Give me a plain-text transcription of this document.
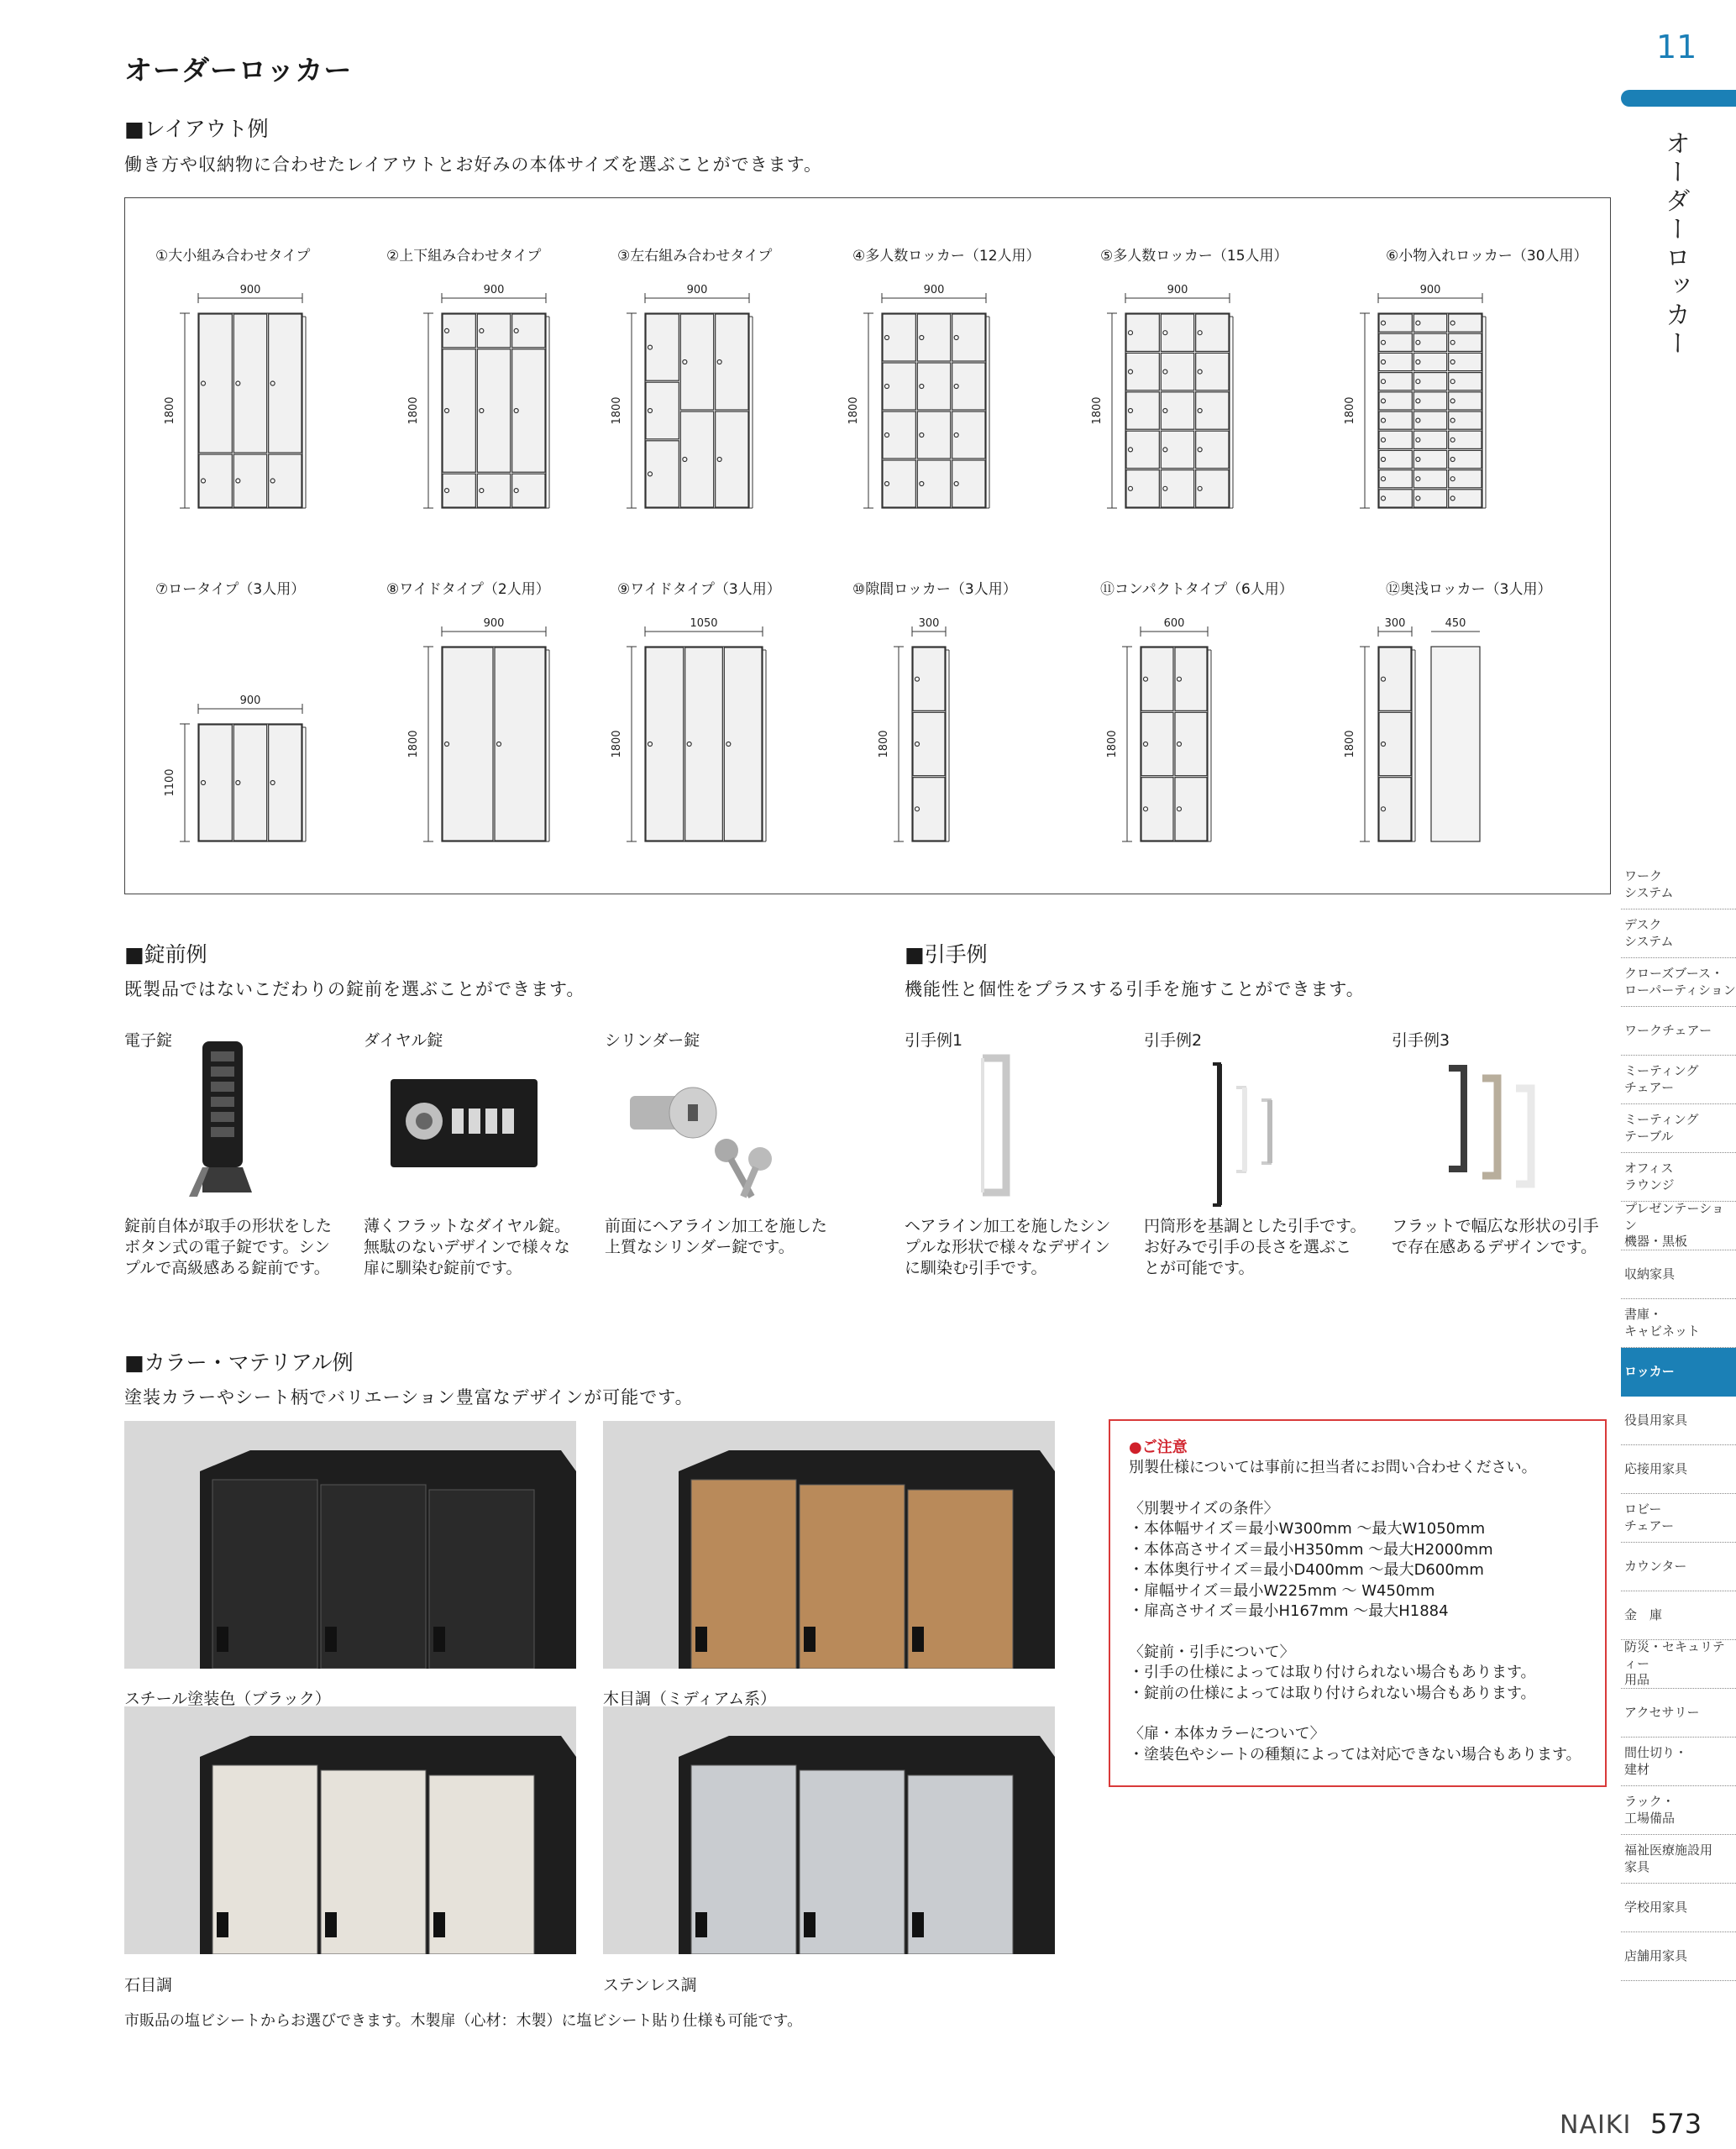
オーダーロッカー
■レイアウト例
働き方や収納物に合わせたレイアウトとお好みの本体サイズを選ぶことができます。
900
1800
900
1800
900
1800
900
1800
900
1800
900
1800
900
1100
900
1800
1050
1800
300
1800
600
1800
300
1800
450
①大小組み合わせタイプ	②上下組み合わせタイプ	③左右組み合わせタイプ	④多人数ロッカー（12人用）	⑤多人数ロッカー（15人用）	⑥小物入れロッカー（30人用）
⑦ロータイプ（3人用）	⑧ワイドタイプ（2人用）	⑨ワイドタイプ（3人用）	⑩隙間ロッカー（3人用）	⑪コンパクトタイプ（6人用）	⑫奥浅ロッカー（3人用）
■錠前例
既製品ではないこだわりの錠前を選ぶことができます。
電子錠
錠前自体が取手の形状をした
ボタン式の電子錠です。シン
プルで高級感ある錠前です。
ダイヤル錠
薄くフラットなダイヤル錠。
無駄のないデザインで様々な
扉に馴染む錠前です。
シリンダー錠
前面にヘアライン加工を施した
上質なシリンダー錠です。
■引手例
機能性と個性をプラスする引手を施すことができます。
引手例1
ヘアライン加工を施したシン
プルな形状で様々なデザイン
に馴染む引手です。
引手例2
円筒形を基調とした引手です。
お好みで引手の長さを選ぶこ
とが可能です。
引手例3
フラットで幅広な形状の引手
で存在感あるデザインです。
■カラー・マテリアル例
塗装カラーやシート柄でバリエーション豊富なデザインが可能です。
スチール塗装色（ブラック）	木目調（ミディアム系）
石目調	ステンレス調
市販品の塩ビシートからお選びできます。木製扉（心材：木製）に塩ビシート貼り仕様も可能です。
●ご注意
別製仕様については事前に担当者にお問い合わせください。
〈別製サイズの条件〉
・本体幅サイズ＝最小W300mm 〜最大W1050mm
・本体高さサイズ＝最小H350mm 〜最大H2000mm
・本体奥行サイズ＝最小D400mm 〜最大D600mm
・扉幅サイズ＝最小W225mm 〜 W450mm
・扉高さサイズ＝最小H167mm 〜最大H1884
〈錠前・引手について〉
・引手の仕様によっては取り付けられない場合もあります。
・錠前の仕様によっては取り付けられない場合もあります。
〈扉・本体カラーについて〉
・塗装色やシートの種類によっては対応できない場合もあります。
11
オーダーロッカー
ワーク
システム
デスク
システム
クローズブース・
ローパーティション
ワークチェアー
ミーティング
チェアー
ミーティング
テーブル
オフィス
ラウンジ
プレゼンテーション
機器・黒板
収納家具
書庫・
キャビネット
ロッカー
役員用家具
応接用家具
ロビー
チェアー
カウンター
金　庫
防災・セキュリティー
用品
アクセサリー
間仕切り・
建材
ラック・
工場備品
福祉医療施設用
家具
学校用家具
店舗用家具
NAIKI 573
